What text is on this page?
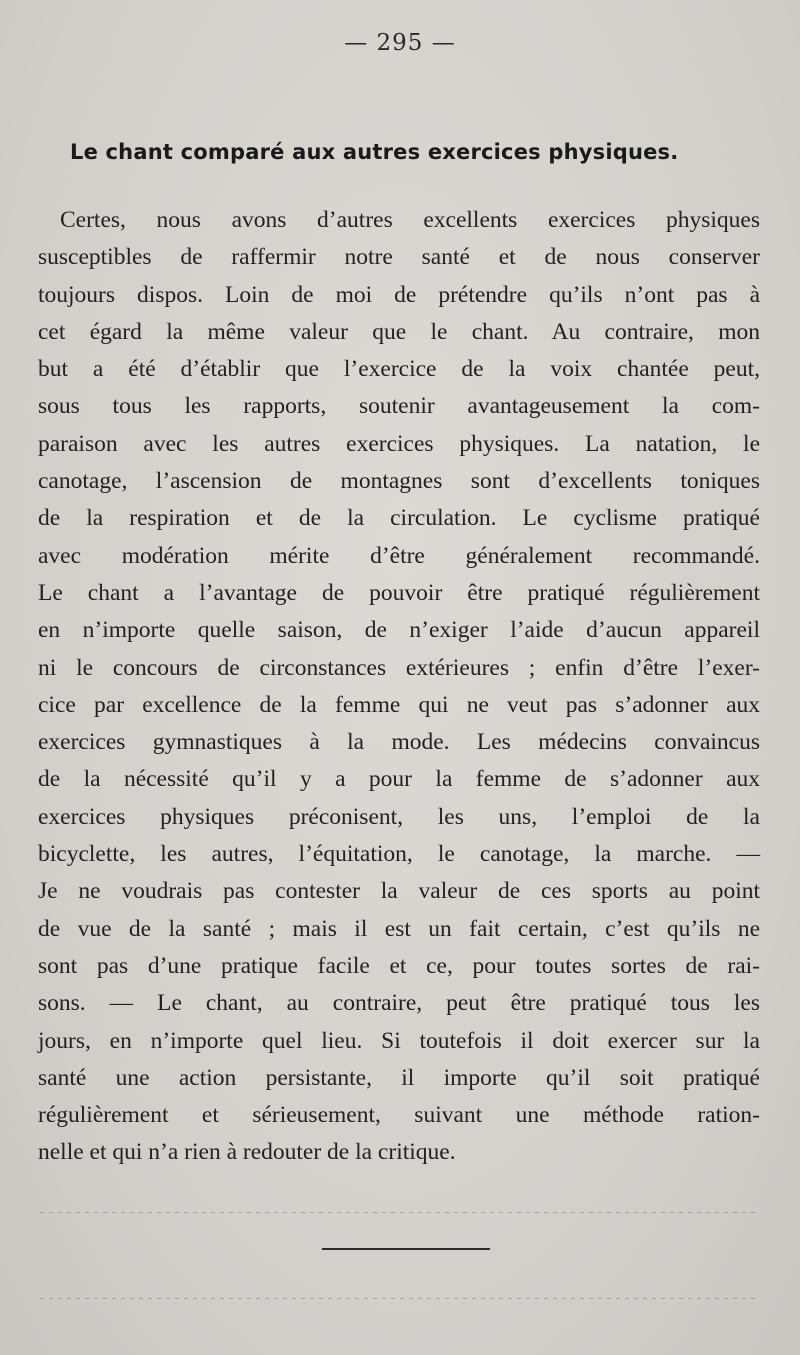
— 295 —
Le chant comparé aux autres exercices physiques.
Certes, nous avons d’autres excellents exercices physiques
susceptibles de raffermir notre santé et de nous conserver
toujours dispos. Loin de moi de prétendre qu’ils n’ont pas à
cet égard la même valeur que le chant. Au contraire, mon
but a été d’établir que l’exercice de la voix chantée peut,
sous tous les rapports, soutenir avantageusement la com-
paraison avec les autres exercices physiques. La natation, le
canotage, l’ascension de montagnes sont d’excellents toniques
de la respiration et de la circulation. Le cyclisme pratiqué
avec modération mérite d’être généralement recommandé.
Le chant a l’avantage de pouvoir être pratiqué régulièrement
en n’importe quelle saison, de n’exiger l’aide d’aucun appareil
ni le concours de circonstances extérieures ; enfin d’être l’exer-
cice par excellence de la femme qui ne veut pas s’adonner aux
exercices gymnastiques à la mode. Les médecins convaincus
de la nécessité qu’il y a pour la femme de s’adonner aux
exercices physiques préconisent, les uns, l’emploi de la
bicyclette, les autres, l’équitation, le canotage, la marche. —
Je ne voudrais pas contester la valeur de ces sports au point
de vue de la santé ; mais il est un fait certain, c’est qu’ils ne
sont pas d’une pratique facile et ce, pour toutes sortes de rai-
sons. — Le chant, au contraire, peut être pratiqué tous les
jours, en n’importe quel lieu. Si toutefois il doit exercer sur la
santé une action persistante, il importe qu’il soit pratiqué
régulièrement et sérieusement, suivant une méthode ration-
nelle et qui n’a rien à redouter de la critique.
